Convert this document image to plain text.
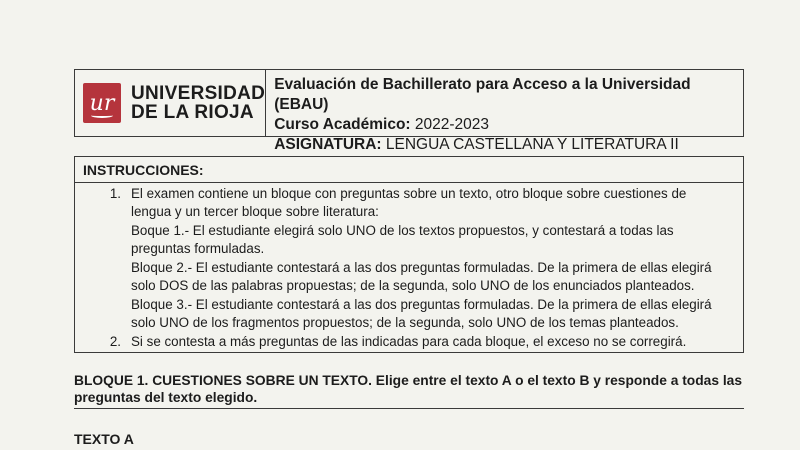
ur UNIVERSIDAD
DE LA RIOJA
Evaluación de Bachillerato para Acceso a la Universidad (EBAU)
Curso Académico: 2022-2023
ASIGNATURA: LENGUA CASTELLANA Y LITERATURA II
INSTRUCCIONES:
1. El examen contiene un bloque con preguntas sobre un texto, otro bloque sobre cuestiones de lengua y un tercer bloque sobre literatura:
Boque 1.- El estudiante elegirá solo UNO de los textos propuestos, y contestará a todas las preguntas formuladas.
Bloque 2.- El estudiante contestará a las dos preguntas formuladas. De la primera de ellas elegirá solo DOS de las palabras propuestas; de la segunda, solo UNO de los enunciados planteados.
Bloque 3.- El estudiante contestará a las dos preguntas formuladas. De la primera de ellas elegirá solo UNO de los fragmentos propuestos; de la segunda, solo UNO de los temas planteados.
2. Si se contesta a más preguntas de las indicadas para cada bloque, el exceso no se corregirá.
BLOQUE 1. CUESTIONES SOBRE UN TEXTO. Elige entre el texto A o el texto B y responde a todas las preguntas del texto elegido.
TEXTO A
